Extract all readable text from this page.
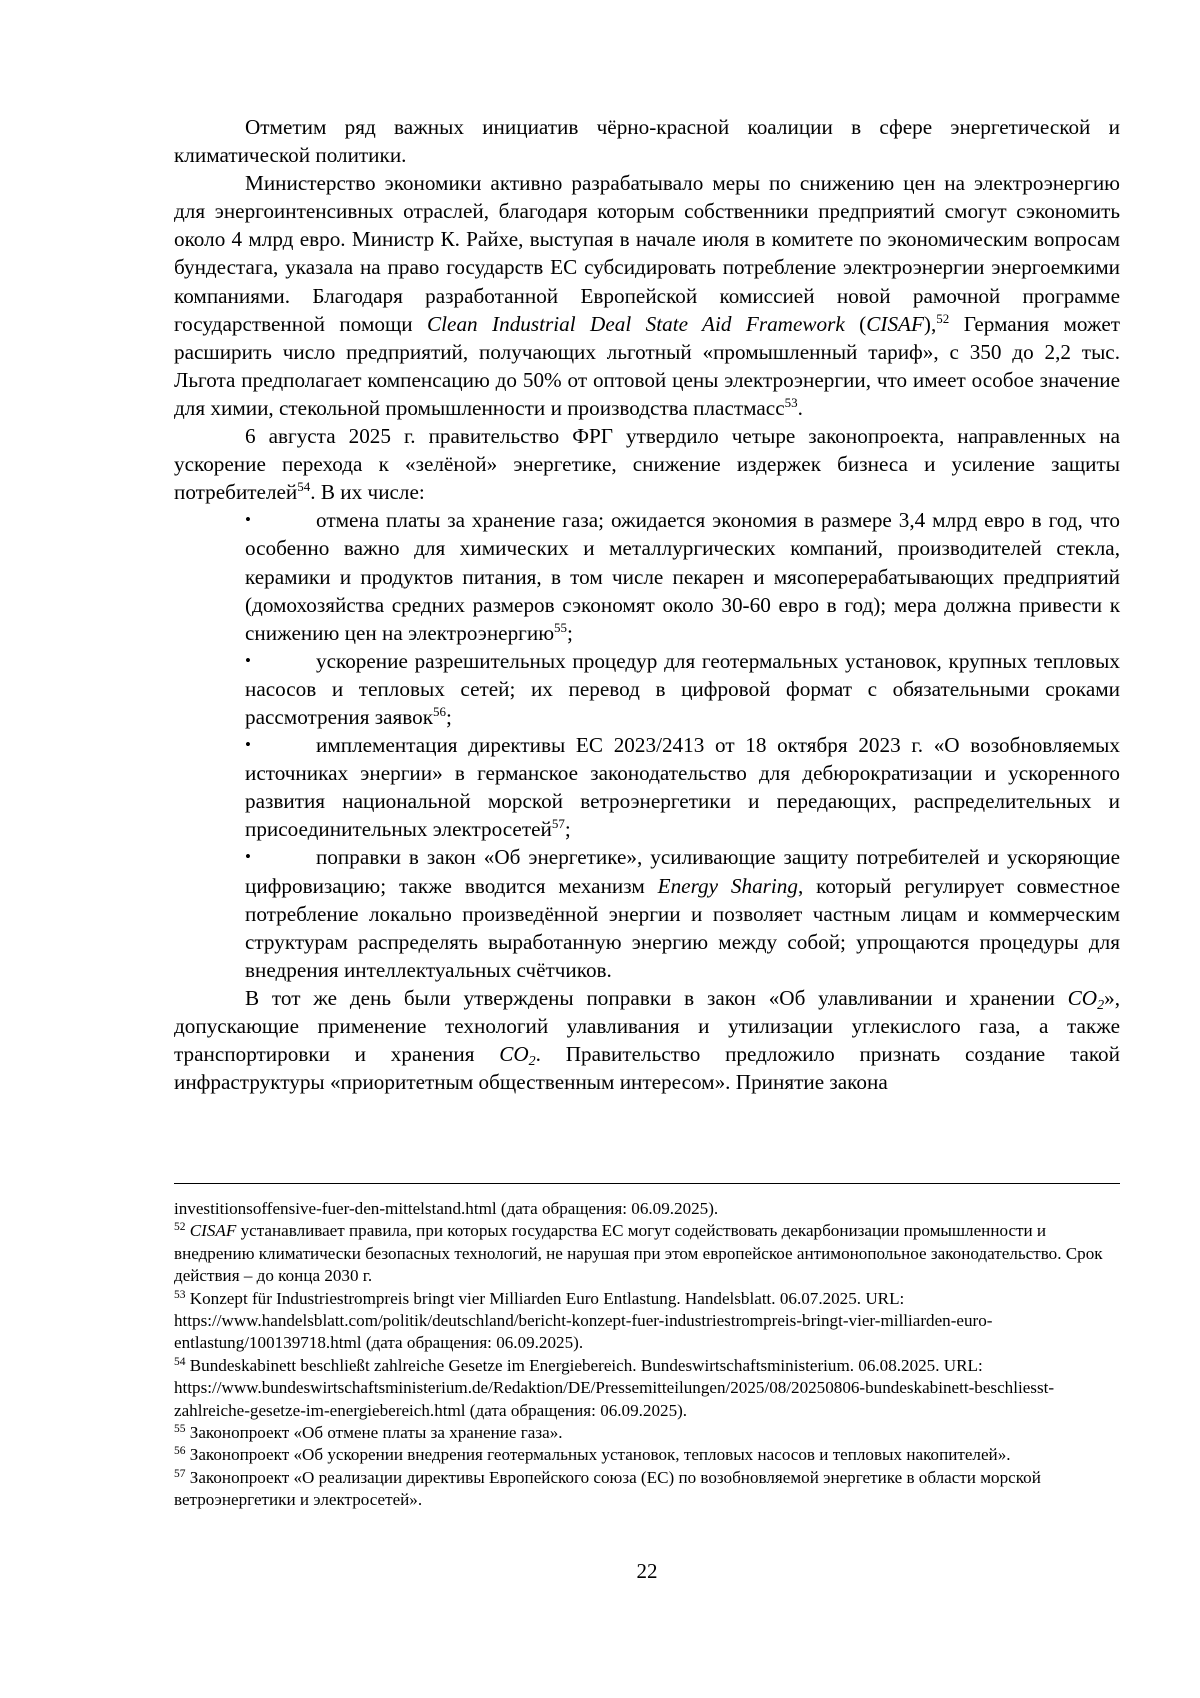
Отметим ряд важных инициатив чёрно-красной коалиции в сфере энергетической и климатической политики.

Министерство экономики активно разрабатывало меры по снижению цен на электроэнергию для энергоинтенсивных отраслей, благодаря которым собственники предприятий смогут сэкономить около 4 млрд евро. Министр К. Райхе, выступая в начале июля в комитете по экономическим вопросам бундестага, указала на право государств ЕС субсидировать потребление электроэнергии энергоемкими компаниями. Благодаря разработанной Европейской комиссией новой рамочной программе государственной помощи Clean Industrial Deal State Aid Framework (CISAF),$^{52}$ Германия может расширить число предприятий, получающих льготный «промышленный тариф», с 350 до 2,2 тыс. Льгота предполагает компенсацию до 50% от оптовой цены электроэнергии, что имеет особое значение для химии, стекольной промышленности и производства пластмасс$^{53}$.

6 августа 2025 г. правительство ФРГ утвердило четыре законопроекта, направленных на ускорение перехода к «зелёной» энергетике, снижение издержек бизнеса и усиление защиты потребителей$^{54}$. В их числе:

•	отмена платы за хранение газа; ожидается экономия в размере 3,4 млрд евро в год, что особенно важно для химических и металлургических компаний, производителей стекла, керамики и продуктов питания, в том числе пекарен и мясоперерабатывающих предприятий (домохозяйства средних размеров сэкономят около 30-60 евро в год); мера должна привести к снижению цен на электроэнергию$^{55}$;
•	ускорение разрешительных процедур для геотермальных установок, крупных тепловых насосов и тепловых сетей; их перевод в цифровой формат с обязательными сроками рассмотрения заявок$^{56}$;
•	имплементация директивы ЕС 2023/2413 от 18 октября 2023 г. «О возобновляемых источниках энергии» в германское законодательство для дебюрократизации и ускоренного развития национальной морской ветроэнергетики и передающих, распределительных и присоединительных электросетей$^{57}$;
•	поправки в закон «Об энергетике», усиливающие защиту потребителей и ускоряющие цифровизацию; также вводится механизм Energy Sharing, который регулирует совместное потребление локально произведённой энергии и позволяет частным лицам и коммерческим структурам распределять выработанную энергию между собой; упрощаются процедуры для внедрения интеллектуальных счётчиков.

В тот же день были утверждены поправки в закон «Об улавливании и хранении $CO_2$», допускающие применение технологий улавливания и утилизации углекислого газа, а также транспортировки и хранения $CO_2$. Правительство предложило признать создание такой инфраструктуры «приоритетным общественным интересом». Принятие закона

investitionsoffensive-fuer-den-mittelstand.html (дата обращения: 06.09.2025).

$^{52}$ CISAF устанавливает правила, при которых государства ЕС могут содействовать декарбонизации промышленности и внедрению климатически безопасных технологий, не нарушая при этом европейское антимонопольное законодательство. Срок действия – до конца 2030 г.

$^{53}$ Konzept für Industriestrompreis bringt vier Milliarden Euro Entlastung. Handelsblatt. 06.07.2025. URL: https://www.handelsblatt.com/politik/deutschland/bericht-konzept-fuer-industriestrompreis-bringt-vier-milliarden-euro-entlastung/100139718.html (дата обращения: 06.09.2025).

$^{54}$ Bundeskabinett beschließt zahlreiche Gesetze im Energiebereich. Bundeswirtschaftsministerium. 06.08.2025. URL: https://www.bundeswirtschaftsministerium.de/Redaktion/DE/Pressemitteilungen/2025/08/20250806-bundeskabinett-beschliesst-zahlreiche-gesetze-im-energiebereich.html (дата обращения: 06.09.2025).

$^{55}$ Законопроект «Об отмене платы за хранение газа».

$^{56}$ Законопроект «Об ускорении внедрения геотермальных установок, тепловых насосов и тепловых накопителей».

$^{57}$ Законопроект «О реализации директивы Европейского союза (ЕС) по возобновляемой энергетике в области морской ветроэнергетики и электросетей».

22
